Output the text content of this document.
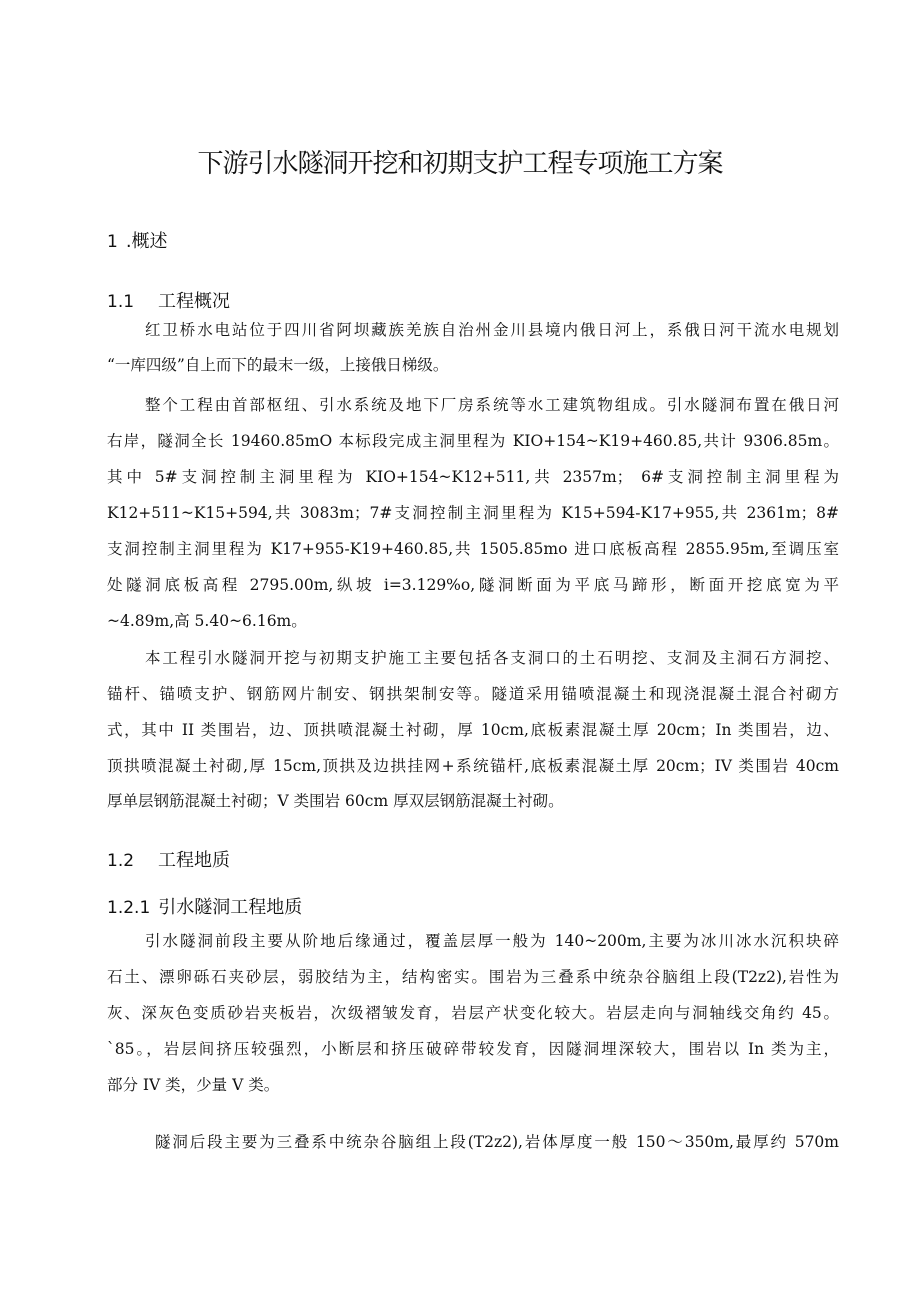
下游引水隧洞开挖和初期支护工程专项施工方案
1 .概述
1.1 工程概况
红卫桥水电站位于四川省阿坝藏族羌族自治州金川县境内俄日河上，系俄日河干流水电规划
“一库四级”自上而下的最末一级，上接俄日梯级。
整个工程由首部枢纽、引水系统及地下厂房系统等水工建筑物组成。引水隧洞布置在俄日河
右岸，隧洞全长 19460.85mO 本标段完成主洞里程为 KIO+154~K19+460.85,共计 9306.85m。
其中 5#支洞控制主洞里程为 KIO+154~K12+511,共 2357m； 6#支洞控制主洞里程为
K12+511~K15+594,共 3083m；7#支洞控制主洞里程为 K15+594-K17+955,共 2361m；8#
支洞控制主洞里程为 K17+955-K19+460.85,共 1505.85mo 进口底板高程 2855.95m,至调压室
处隧洞底板高程 2795.00m,纵坡 i=3.129%o,隧洞断面为平底马蹄形，断面开挖底宽为平
~4.89m,高 5.40~6.16m。
本工程引水隧洞开挖与初期支护施工主要包括各支洞口的土石明挖、支洞及主洞石方洞挖、
锚杆、锚喷支护、钢筋网片制安、钢拱架制安等。隧道采用锚喷混凝土和现浇混凝土混合衬砌方
式，其中 II 类围岩，边、顶拱喷混凝土衬砌，厚 10cm,底板素混凝土厚 20cm；In 类围岩，边、
顶拱喷混凝土衬砌,厚 15cm,顶拱及边拱挂网+系统锚杆,底板素混凝土厚 20cm；IV 类围岩 40cm
厚单层钢筋混凝土衬砌；V 类围岩 60cm 厚双层钢筋混凝土衬砌。
1.2 工程地质
1.2.1 引水隧洞工程地质
引水隧洞前段主要从阶地后缘通过，覆盖层厚一般为 140~200m,主要为冰川冰水沉积块碎
石土、漂卵砾石夹砂层，弱胶结为主，结构密实。围岩为三叠系中统杂谷脑组上段(T2z2),岩性为
灰、深灰色变质砂岩夹板岩，次级褶皱发育，岩层产状变化较大。岩层走向与洞轴线交角约 45。
`85。，岩层间挤压较强烈，小断层和挤压破碎带较发育，因隧洞埋深较大，围岩以 In 类为主，
部分 IV 类，少量 V 类。
隧洞后段主要为三叠系中统杂谷脑组上段(T2z2),岩体厚度一般 150～350m,最厚约 570m
